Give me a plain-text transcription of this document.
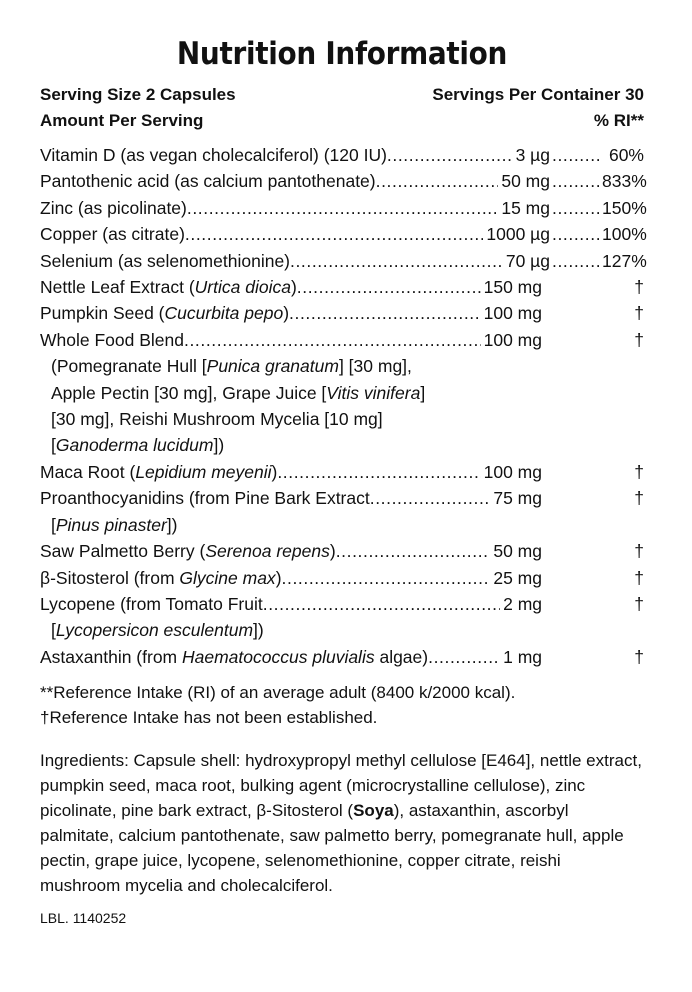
Nutrition Information
Serving Size 2 Capsules	Servings Per Container 30
Amount Per Serving	% RI**
Vitamin D (as vegan cholecalciferol) (120 IU) .....	3 µg .....	60%
Pantothenic acid (as calcium pantothenate) .....	50 mg .....	833%
Zinc (as picolinate) .....	15 mg .....	150%
Copper (as citrate) .....	1000 µg .....	100%
Selenium (as selenomethionine) .....	70 µg .....	127%
Nettle Leaf Extract (Urtica dioica) .....	150 mg	†
Pumpkin Seed (Cucurbita pepo) .....	100 mg	†
Whole Food Blend .....	100 mg	†
(Pomegranate Hull [Punica granatum] [30 mg],
Apple Pectin [30 mg], Grape Juice [Vitis vinifera]
[30 mg], Reishi Mushroom Mycelia [10 mg]
[Ganoderma lucidum])
Maca Root (Lepidium meyenii) .....	100 mg	†
Proanthocyanidins (from Pine Bark Extract .....	75 mg	†
[Pinus pinaster])
Saw Palmetto Berry (Serenoa repens) .....	50 mg	†
β-Sitosterol (from Glycine max) .....	25 mg	†
Lycopene (from Tomato Fruit .....	2 mg	†
[Lycopersicon esculentum])
Astaxanthin (from Haematococcus pluvialis algae) .....	1 mg	†
**Reference Intake (RI) of an average adult (8400 k/2000 kcal).
†Reference Intake has not been established.
Ingredients: Capsule shell: hydroxypropyl methyl cellulose [E464], nettle extract, pumpkin seed, maca root, bulking agent (microcrystalline cellulose), zinc picolinate, pine bark extract, β-Sitosterol (Soya), astaxanthin, ascorbyl palmitate, calcium pantothenate, saw palmetto berry, pomegranate hull, apple pectin, grape juice, lycopene, selenomethionine, copper citrate, reishi mushroom mycelia and cholecalciferol.
LBL. 1140252
